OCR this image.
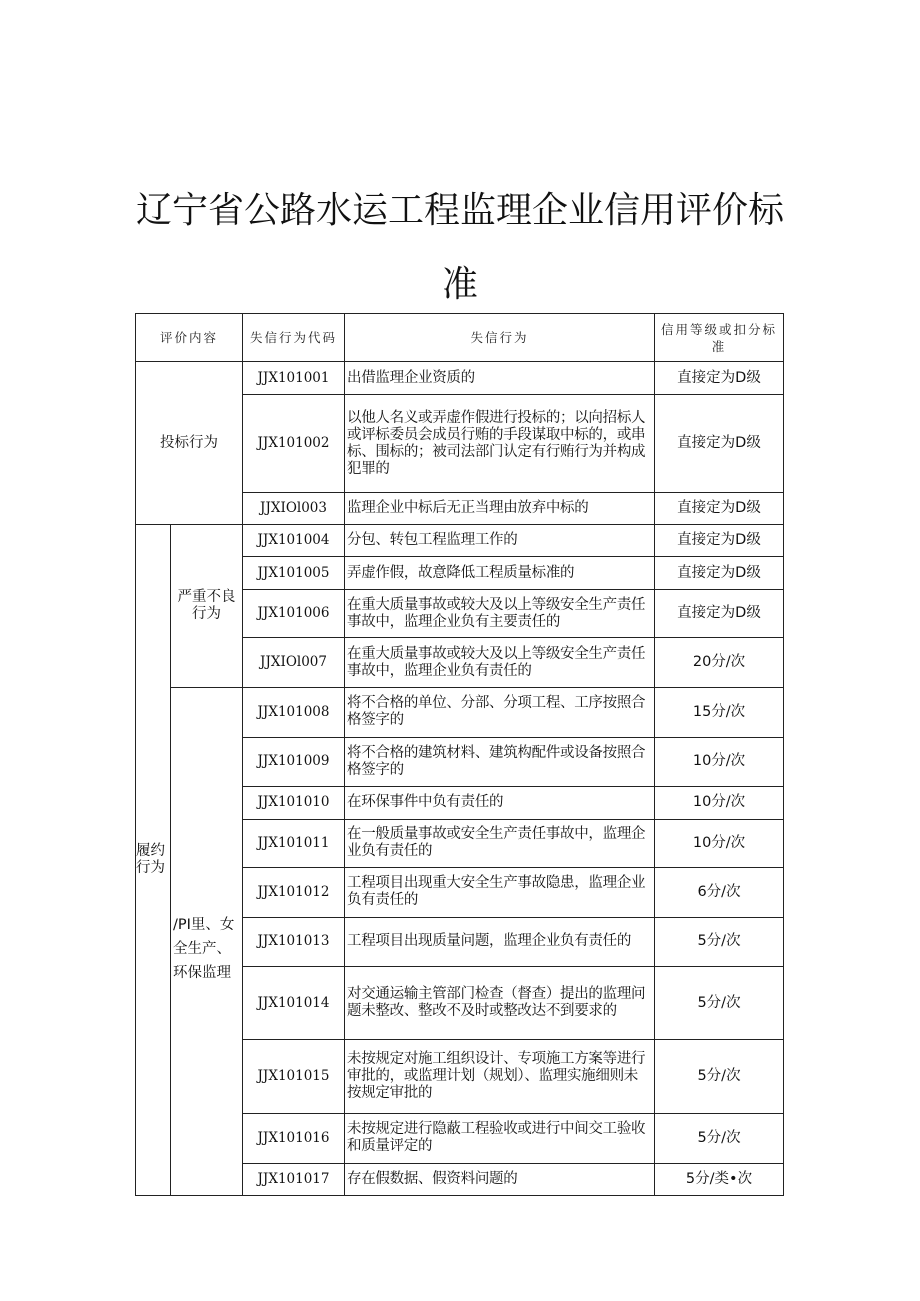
辽宁省公路水运工程监理企业信用评价标
准
评价内容		失信行为代码	失信行为	信用等级或扣分标准
投标行为		JJX101001	出借监理企业资质的	直接定为D级
		JJX101002	以他人名义或弄虚作假进行投标的；以向招标人或评标委员会成员行贿的手段谋取中标的，或串标、围标的；被司法部门认定有行贿行为并构成犯罪的	直接定为D级
		JJXIOl003	监理企业中标后无正当理由放弃中标的	直接定为D级
履约行为	严重不良行为	JJX101004	分包、转包工程监理工作的	直接定为D级
		JJX101005	弄虚作假，故意降低工程质量标准的	直接定为D级
		JJX101006	在重大质量事故或较大及以上等级安全生产责任事故中，监理企业负有主要责任的	直接定为D级
		JJXIOl007	在重大质量事故或较大及以上等级安全生产责任事故中，监理企业负有责任的	20分/次

	/PI里、女全生产、环保监理	JJX101008	将不合格的单位、分部、分项工程、工序按照合格签字的	15分/次
		JJX101009	将不合格的建筑材料、建筑构配件或设备按照合格签字的	10分/次
		JJX101010	在环保事件中负有责任的	10分/次
		JJX101011	在一般质量事故或安全生产责任事故中，监理企业负有责任的	10分/次
		JJX101012	工程项目出现重大安全生产事故隐患，监理企业负有责任的	6分/次
		JJX101013	工程项目出现质量问题，监理企业负有责任的	5分/次
		JJX101014	对交通运输主管部门检查（督查）提出的监理问题未整改、整改不及时或整改达不到要求的	5分/次
		JJX101015	未按规定对施工组织设计、专项施工方案等进行审批的，或监理计划（规划）、监理实施细则未按规定审批的	5分/次
		JJX101016	未按规定进行隐蔽工程验收或进行中间交工验收和质量评定的	5分/次
		JJX101017	存在假数据、假资料问题的	5分/类•次
